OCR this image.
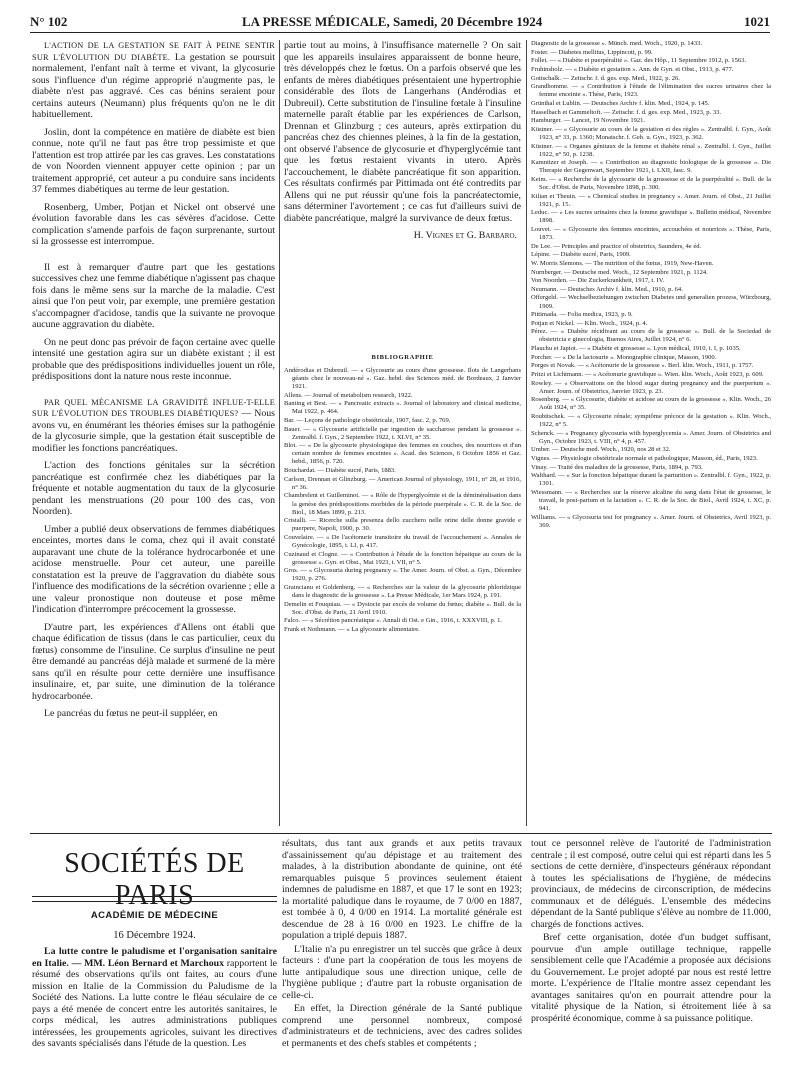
N° 102	LA PRESSE MÉDICALE, Samedi, 20 Décembre 1924	1021

L'ACTION DE LA GESTATION SE FAIT À PEINE SENTIR SUR L'ÉVOLUTION DU DIABÈTE. La gestation se poursuit normalement, l'enfant naît à terme et vivant, la glycosurie sous l'influence d'un régime approprié n'augmente pas, le diabète n'est pas aggravé. Ces cas bénins seraient pour certains auteurs (Neumann) plus fréquents qu'on ne le dit habituellement.

Joslin, dont la compétence en matière de diabète est bien connue, note qu'il ne faut pas être trop pessimiste et que l'attention est trop attirée par les cas graves. Les constatations de von Noorden viennent appuyer cette opinion ; par un traitement approprié, cet auteur a pu conduire sans incidents 37 femmes diabétiques au terme de leur gestation.

Rosenberg, Umber, Potjan et Nickel ont observé une évolution favorable dans les cas sévères d'acidose. Cette complication s'amende parfois de façon surprenante, surtout si la grossesse est interrompue.

Il est à remarquer d'autre part que les gestations successives chez une femme diabétique n'agissent pas chaque fois dans le même sens sur la marche de la maladie. C'est ainsi que l'on peut voir, par exemple, une première gestation s'accompagner d'acidose, tandis que la suivante ne provoque aucune aggravation du diabète.

On ne peut donc pas prévoir de façon certaine avec quelle intensité une gestation agira sur un diabète existant ; il est probable que des prédispositions individuelles jouent un rôle, prédispositions dont la nature nous reste inconnue.

PAR QUEL MÉCANISME LA GRAVIDITÉ INFLUE-T-ELLE SUR L'ÉVOLUTION DES TROUBLES DIABÉTIQUES? — Nous avons vu, en énumérant les théories émises sur la pathogénie de la glycosurie simple, que la gestation était susceptible de modifier les fonctions pancréatiques.

L'action des fonctions génitales sur la sécrétion pancréatique est confirmée chez les diabétiques par la fréquente et notable augmentation du taux de la glycosurie pendant les menstruations (20 pour 100 des cas, von Noorden).

Umber a publié deux observations de femmes diabétiques enceintes, mortes dans le coma, chez qui il avait constaté auparavant une chute de la tolérance hydrocarbonée et une acidose menstruelle. Pour cet auteur, une pareille constatation est la preuve de l'aggravation du diabète sous l'influence des modifications de la sécrétion ovarienne ; elle a une valeur pronostique non douteuse et pose même l'indication d'interrompre précocement la grossesse.

D'autre part, les expériences d'Allens ont établi que chaque édification de tissus (dans le cas particulier, ceux du fœtus) consomme de l'insuline. Ce surplus d'insuline ne peut être demandé au pancréas déjà malade et surmené de la mère sans qu'il en résulte pour cette dernière une insuffisance insulinaire, et, par suite, une diminution de la tolérance hydrocarbonée.

Le pancréas du fœtus ne peut-il suppléer, en

partie tout au moins, à l'insuffisance maternelle ? On sait que les appareils insulaires apparaissent de bonne heure, très développés chez le fœtus. On a parfois observé que les enfants de mères diabétiques présentaient une hypertrophie considérable des îlots de Langerhans (Andérodias et Dubreuil). Cette substitution de l'insuline fœtale à l'insuline maternelle paraît établie par les expériences de Carlson, Drennan et Glinzburg ; ces auteurs, après extirpation du pancréas chez des chiennes pleines, à la fin de la gestation, ont observé l'absence de glycosurie et d'hyperglycémie tant que les fœtus restaient vivants in utero. Après l'accouchement, le diabète pancréatique fit son apparition. Ces résultats confirmés par Pittimada ont été contredits par Allens qui ne put réussir qu'une fois la pancréatectomie, sans déterminer l'avortement ; ce cas fut d'ailleurs suivi de diabète pancréatique, malgré la survivance de deux fœtus.

H. Vignes et G. Barbaro.
BIBLIOGRAPHIE
Andérodias et Dubreuil. — « Glycosurie au cours d'une grossesse. Ilots de Langerhans géants chez le nouveau-né ». Gaz. hebd. des Sciences méd. de Bordeaux, 2 Janvier 1921.
Allens. — Journal of metabolism research, 1922.
Banting et Best. — « Pancreatic extracts ». Journal of laboratory and clinical medicine, Mai 1922, p. 464.
Bar. — Leçons de pathologie obstétricale, 1907, fasc. 2, p. 769.
Bauer. — « Glycosurie artificielle par ingestion de saccharose pendant la grossesse ». Zentralbl. f. Gyn., 2 Septembre 1922, t. XLVI, n° 35.
Blot. — « De la glycosurie physiologique des femmes en couches, des nourrices et d'un certain nombre de femmes enceintes ». Acad. des Sciences, 6 Octobre 1856 et Gaz. hebd., 1856, p. 720.
Bouchardat. — Diabète sucré, Paris, 1883.
Carlson, Drennan et Glinzburg. — American Journal of physiology, 1911, n° 28, et 1916, n° 36.
Chambrelent et Guilleminot. — « Rôle de l'hyperglycémie et de la déminéralisation dans la genèse des prédispositions morbides de la période puerpérale ». C. R. de la Soc. de Biol., 18 Mars 1899, p. 213.
Cristalli. — Ricerche sulla presenza dello zucchero nelle orine delle donne gravide e puerpere, Napoli, 1900, p. 30.
Couvelaire. — « De l'acétonurie transitoire du travail de l'accouchement ». Annales de Gynécologie, 1895, t. LI, p. 417.
Cuzinaud et Clogne. — « Contribution à l'étude de la fonction hépatique au cours de la grossesse ». Gyn. et Obst., Mai 1923, t. VII, n° 5.
Gros. — « Glycosuria during pregnancy ». The Amer. Journ. of Obst. a. Gyn., Décembre 1920, p. 276.
Graincianu et Goldenberg. — « Recherches sur la valeur de la glycosurie phloridzique dans le diagnostic de la grossesse ». La Presse Médicale, 1er Mars 1924, p. 191.
Demelin et Fouquiau. — « Dystocie par excès de volume du fœtus; diabète ». Bull. de la Soc. d'Obst. de Paris, 21 Avril 1910.
Falco. — « Sécrétion pancréatique ». Annali di Ost. e Gin., 1916, t. XXXVIII, p. 1.
Frank et Nothmann. — « La glycosurie alimentaire.
Diagnostic de la grossesse ». Münch. med. Woch., 1920, p. 1433.
Foster. — Diabetes mellitus, Lippincott, p. 99.
Follet. — « Diabète et puerpéralité ». Gaz. des Hôp., 11 Septembre 1912, p. 1563.
Fruhinsholz. — « Diabète et gestation ». Ann. de Gyn. et Obst., 1913, p. 477.
Gottschalk. — Zeitschr. f. d. ges. exp. Med., 1922, p. 26.
Grandhomme. — « Contribution à l'étude de l'élimination des sucres urinaires chez la femme enceinte ». Thèse, Paris, 1923.
Grünthal et Lublin. — Deutsches Archiv f. klin. Med., 1924, p. 145.
Hasselbach et Gammeltoft. — Zeitschr. f. d. ges. exp. Med., 1923, p. 33.
Hamburger. — Lancet, 19 Novembre 1921.
Küstner. — « Glycosurie au cours de la gestation et des règles ». Zentralbl. f. Gyn., Août 1923, n° 33, p. 1360; Monatschr. f. Geb. u. Gyn., 1923, p. 362.
Küstner. — « Organes génitaux de la femme et diabète rénal ». Zentralbl. f. Gyn., Juillet 1922, n° 50, p. 1238.
Kamnitzer et Joseph. — « Contribution au diagnostic biologique de la grossesse ». Die Therapie der Gegenwart, Septembre 1921, t. LXII, fasc. 9.
Keim. — « Recherche de la glycosurie de la grossesse et de la puerpéralité ». Bull. de la Soc. d'Obst. de Paris, Novembre 1898, p. 300.
Kilian et Theuin. — « Chemical studies in pregnancy ». Amer. Journ. of Obst., 21 Juillet 1921, p. 15.
Leduc. — « Les sucres urinaires chez la femme gravidique ». Bulletin médical, Novembre 1898.
Louvet. — « Glycosurie des femmes enceintes, accouchées et nourrices ». Thèse, Paris, 1873.
De Lee. — Principles and practice of obstetrics, Saunders, 4e éd.
Lépine. — Diabète sucré, Paris, 1909.
W. Morris Slemons. — The nutrition of the fœtus, 1919, New-Haven.
Nurnberger. — Deutsche med. Woch., 12 Septembre 1921, p. 1124.
Von Noorden. — Die Zuckerkrankheit, 1917, t. IV.
Neumann. — Deutsches Archiv f. klin. Med., 1910, p. 64.
Offergeld. — Wechselbeziehungen zwischen Diabetes und generalien prozess, Würzbourg, 1909.
Pittimada. — Folia medica, 1923, p. 9.
Potjan et Nickel. — Klin. Woch., 1924, p. 4.
Pérez. — « Diabète récidivant au cours de la grossesse ». Bull. de la Sociedad de obstetricia e ginecologia, Buenos Aires, Juillet 1924, n° 6.
Plauchu et Japiot. — « Diabète et grossesse ». Lyon médical, 1910, t. I, p. 1035.
Porcher. — « De la lactosurie ». Monographie clinique, Masson, 1900.
Porges et Novak. — « Acétonurie de la grossesse ». Berl. klin. Woch., 1911, p. 1757.
Pritzi et Lichtmann. — « Acétonurie gravidique ». Wien. klin. Woch., Août 1923, p. 609.
Rowley. — « Observations on the blood sugar during pregnancy and the puerperium ». Amer. Journ. of Obstetrics, Janvier 1923, p. 23.
Rosenberg. — « Glycosurie, diabète et acidose au cours de la grossesse ». Klin. Woch., 26 Août 1924, n° 35.
Roubitschek. — « Glycosurie rénale; symptôme précoce de la gestation ». Klin. Woch., 1922, n° 5.
Schenck. — « Pregnancy glycosuria with hyperglycemia ». Amer. Journ. of Obstetrics and Gyn., Octobre 1923, t. VIII, n° 4, p. 457.
Umber. — Deutsche med. Woch., 1920, nos 28 et 32.
Vignes. — Physiologie obstétricale normale et pathologique, Masson, éd., Paris, 1923.
Vinay. — Traité des maladies de la grossesse, Paris, 1894, p. 793.
Walthard. — « Sur la fonction hépatique durant la parturition ». Zentralbl. f. Gyn., 1922, p. 1301.
Wiessmann. — « Recherches sur la réserve alcaline du sang dans l'état de grossesse, le travail, le post-partum et la lactation ». C. R. de la Soc. de Biol., Avril 1924, t. XC, p. 941.
Williams. — « Glycosuria test for pregnancy ». Amer. Journ. of Obstetrics, Avril 1923, p. 369.
SOCIÉTÉS DE PARIS
ACADÉMIE DE MÉDECINE
16 Décembre 1924.

La lutte contre le paludisme et l'organisation sanitaire en Italie. — MM. Léon Bernard et Marchoux rapportent le résumé des observations qu'ils ont faites, au cours d'une mission en Italie de la Commission du Paludisme de la Société des Nations. La lutte contre le fléau séculaire de ce pays a été menée de concert entre les autorités sanitaires, le corps médical, les autres administrations publiques intéressées, les groupements agricoles, suivant les directives des savants spécialisés dans l'étude de la question. Les

résultats, dus tant aux grands et aux petits travaux d'assainissement qu'au dépistage et au traitement des malades, à la distribution abondante de quinine, ont été remarquables puisque 5 provinces seulement étaient indemnes de paludisme en 1887, et que 17 le sont en 1923; la mortalité paludique dans le royaume, de 7 0/00 en 1887, est tombée à 0, 4 0/00 en 1914. La mortalité générale est descendue de 28 à 16 0/00 en 1923. Le chiffre de la population a triplé depuis 1887.

L'Italie n'a pu enregistrer un tel succès que grâce à deux facteurs : d'une part la coopération de tous les moyens de lutte antipaludique sous une direction unique, celle de l'hygiène publique ; d'autre part la robuste organisation de celle-ci.

En effet, la Direction générale de la Santé publique comprend une personnel nombreux, composé d'administrateurs et de techniciens, avec des cadres solides et permanents et des chefs stables et compétents ;

tout ce personnel relève de l'autorité de l'administration centrale ; il est composé, outre celui qui est réparti dans les 5 sections de cette dernière, d'inspecteurs généraux répondant à toutes les spécialisations de l'hygiène, de médecins provinciaux, de médecins de circonscription, de médecins communaux et de délégués. L'ensemble des médecins dépendant de la Santé publique s'élève au nombre de 11.000, chargés de fonctions actives.

Bref cette organisation, dotée d'un budget suffisant, pourvue d'un ample outillage technique, rappelle sensiblement celle que l'Académie a proposée aux décisions du Gouvernement. Le projet adopté par nous est resté lettre morte. L'expérience de l'Italie montre assez cependant les avantages sanitaires qu'on en pourrait attendre pour la vitalité physique de la Nation, si étroitement liée à sa prospérité économique, comme à sa puissance politique.
